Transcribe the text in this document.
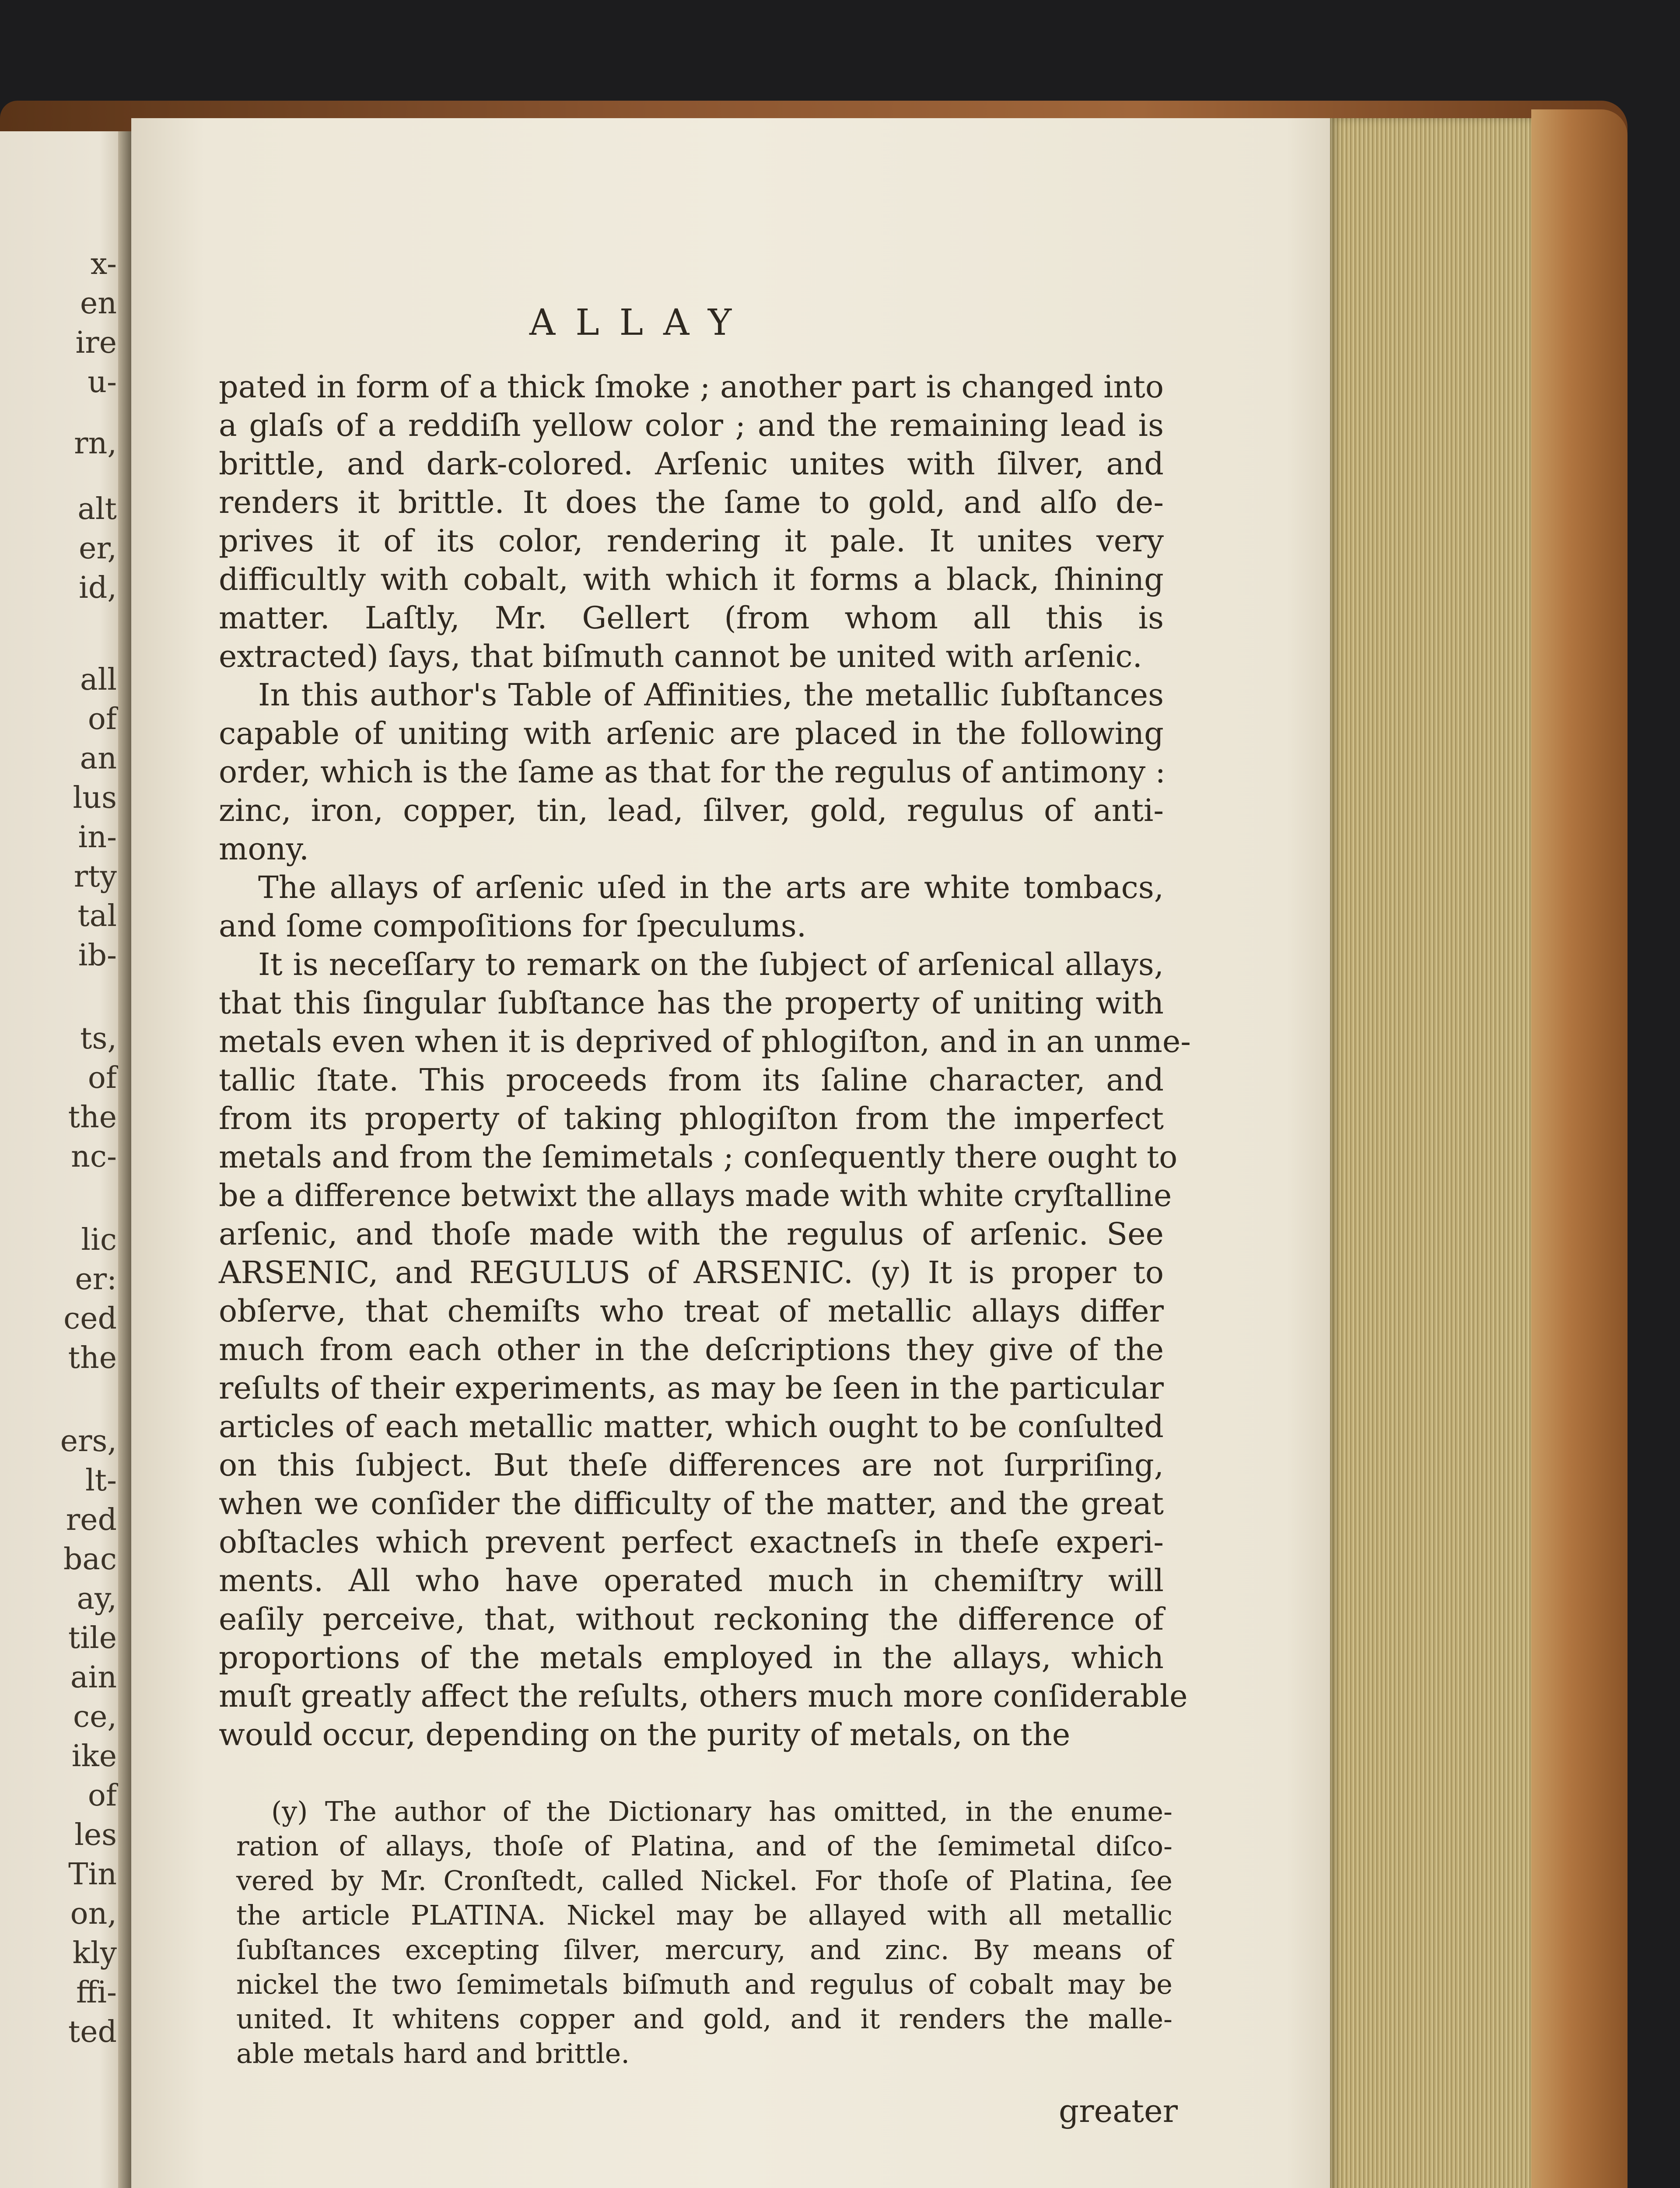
x-
en
ire
u-
rn,
alt
er,
id,
all
of
an
lus
in-
rty
tal
ib-
ts,
of
the
nc-
lic
er:
ced
the
ers,
lt-
red
bac
ay,
tile
ain
ce,
ike
of
les
Tin
on,
kly
ffi-
ted
ALLAY
pated in form of a thick ſmoke ; another part is changed into
a glaſs of a reddiſh yellow color ; and the remaining lead is
brittle, and dark-colored. Arſenic unites with ſilver, and
renders it brittle. It does the ſame to gold, and alſo de-
prives it of its color, rendering it pale. It unites very
difficultly with cobalt, with which it forms a black, ſhining
matter. Laſtly, Mr. Gellert (from whom all this is
extracted) ſays, that biſmuth cannot be united with arſenic.
In this author's Table of Affinities, the metallic ſubſtances
capable of uniting with arſenic are placed in the following
order, which is the ſame as that for the regulus of antimony :
zinc, iron, copper, tin, lead, ſilver, gold, regulus of anti-
mony.
The allays of arſenic uſed in the arts are white tombacs,
and ſome compoſitions for ſpeculums.
It is neceſſary to remark on the ſubject of arſenical allays,
that this ſingular ſubſtance has the property of uniting with
metals even when it is deprived of phlogiſton, and in an unme-
tallic ſtate. This proceeds from its ſaline character, and
from its property of taking phlogiſton from the imperfect
metals and from the ſemimetals ; conſequently there ought to
be a difference betwixt the allays made with white cryſtalline
arſenic, and thoſe made with the regulus of arſenic. See
ARSENIC, and REGULUS of ARSENIC. (y) It is proper to
obſerve, that chemiſts who treat of metallic allays differ
much from each other in the deſcriptions they give of the
reſults of their experiments, as may be ſeen in the particular
articles of each metallic matter, which ought to be conſulted
on this ſubject. But theſe differences are not ſurpriſing,
when we conſider the difficulty of the matter, and the great
obſtacles which prevent perfect exactneſs in theſe experi-
ments. All who have operated much in chemiſtry will
eaſily perceive, that, without reckoning the difference of
proportions of the metals employed in the allays, which
muſt greatly affect the reſults, others much more conſiderable
would occur, depending on the purity of metals, on the
(y) The author of the Dictionary has omitted, in the enume-
ration of allays, thoſe of Platina, and of the ſemimetal diſco-
vered by Mr. Cronſtedt, called Nickel. For thoſe of Platina, ſee
the article PLATINA. Nickel may be allayed with all metallic
ſubſtances excepting ſilver, mercury, and zinc. By means of
nickel the two ſemimetals biſmuth and regulus of cobalt may be
united. It whitens copper and gold, and it renders the malle-
able metals hard and brittle.
greater
